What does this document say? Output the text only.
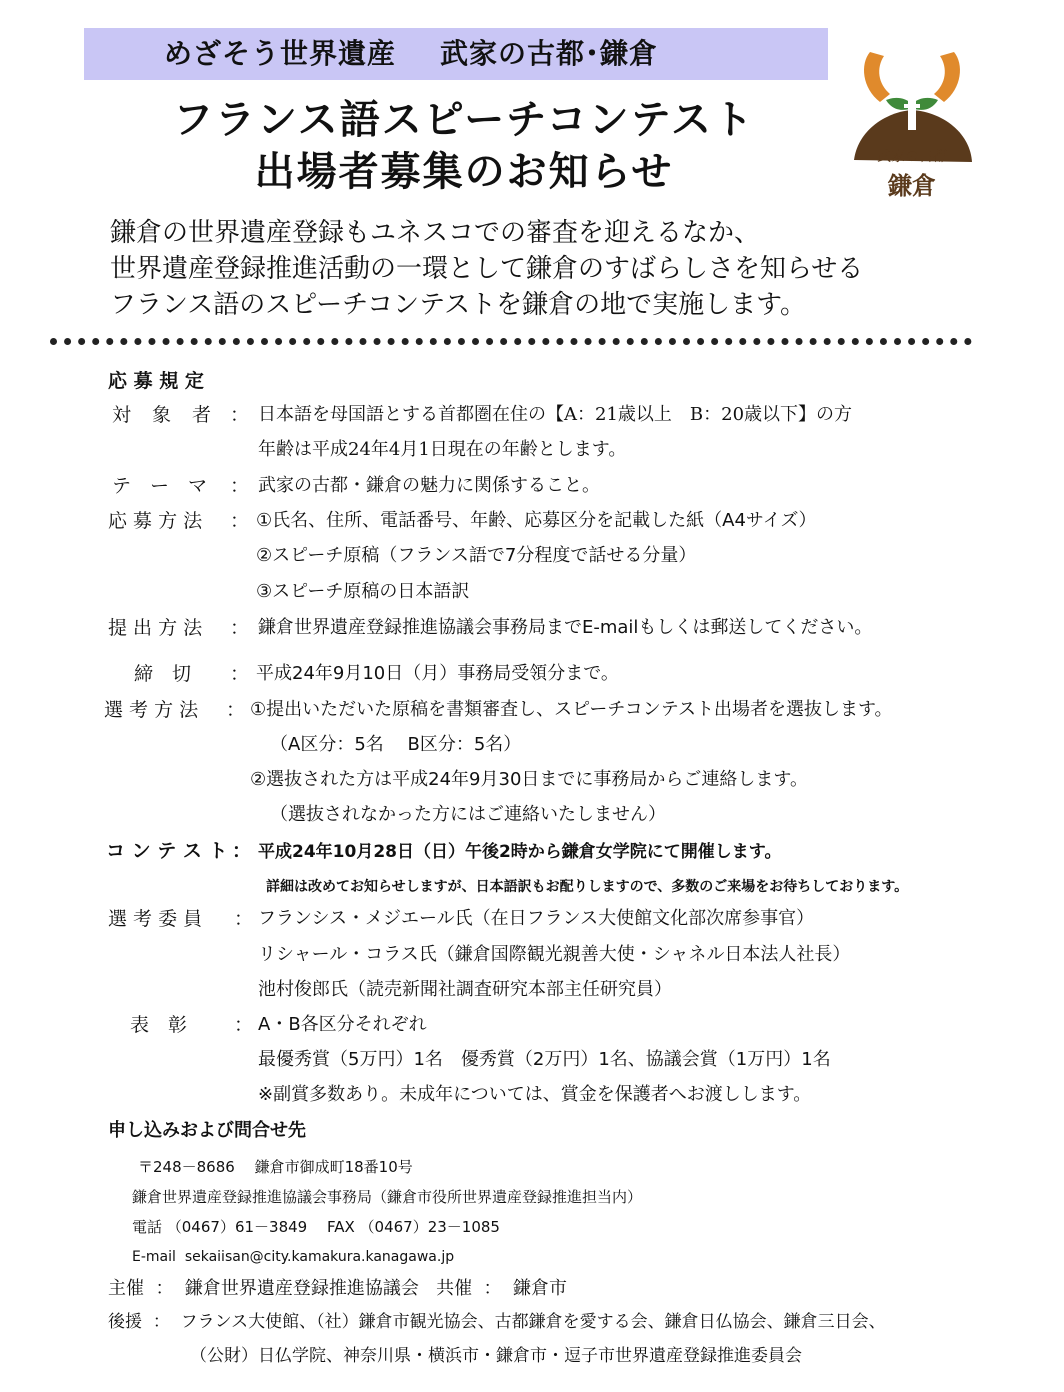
めざそう世界遺産 武家の古都･鎌倉
フランス語スピーチコンテスト
出場者募集のお知らせ	武家の古都
鎌倉
鎌倉の世界遺産登録もユネスコでの審査を迎えるなか、
世界遺産登録推進活動の一環として鎌倉のすばらしさを知らせる
フランス語のスピーチコンテストを鎌倉の地で実施します。
応 募 規 定
対　象　者 ： 日本語を母国語とする首都圏在住の【A：21歳以上　B：20歳以下】の方
年齢は平成24年4月1日現在の年齢とします。
テ　ー　マ ： 武家の古都・鎌倉の魅力に関係すること。
応 募 方 法 ： ①氏名、住所、電話番号、年齢、応募区分を記載した紙（A4サイズ）
②スピーチ原稿（フランス語で7分程度で話せる分量）
③スピーチ原稿の日本語訳
提 出 方 法 ： 鎌倉世界遺産登録推進協議会事務局までE-mailもしくは郵送してください。
締　切 ： 平成24年9月10日（月）事務局受領分まで。
選 考 方 法 ： ①提出いただいた原稿を書類審査し、スピーチコンテスト出場者を選抜します。
（A区分：5名　 B区分：5名）
②選抜された方は平成24年9月30日までに事務局からご連絡します。
（選抜されなかった方にはご連絡いたしません）
コ ン テ ス ト ： 平成24年10月28日（日）午後2時から鎌倉女学院にて開催します。
詳細は改めてお知らせしますが、日本語訳もお配りしますので、多数のご来場をお待ちしております。
選 考 委 員 ： フランシス・メジエール氏（在日フランス大使館文化部次席参事官）
リシャール・コラス氏（鎌倉国際観光親善大使・シャネル日本法人社長）
池村俊郎氏（読売新聞社調査研究本部主任研究員）
表　彰 ： A・B各区分それぞれ
最優秀賞（5万円）1名　優秀賞（2万円）1名、協議会賞（1万円）1名
※副賞多数あり。未成年については、賞金を保護者へお渡しします。
申し込みおよび問合せ先
〒248－8686　 鎌倉市御成町18番10号
鎌倉世界遺産登録推進協議会事務局（鎌倉市役所世界遺産登録推進担当内）
電話 （0467）61－3849　 FAX （0467）23－1085
E-mail sekaiisan@city.kamakura.kanagawa.jp
主催 ： 鎌倉世界遺産登録推進協議会 共催 ： 鎌倉市
後援 ： フランス大使館、（社）鎌倉市観光協会、古都鎌倉を愛する会、鎌倉日仏協会、鎌倉三日会、
（公財）日仏学院、神奈川県・横浜市・鎌倉市・逗子市世界遺産登録推進委員会
